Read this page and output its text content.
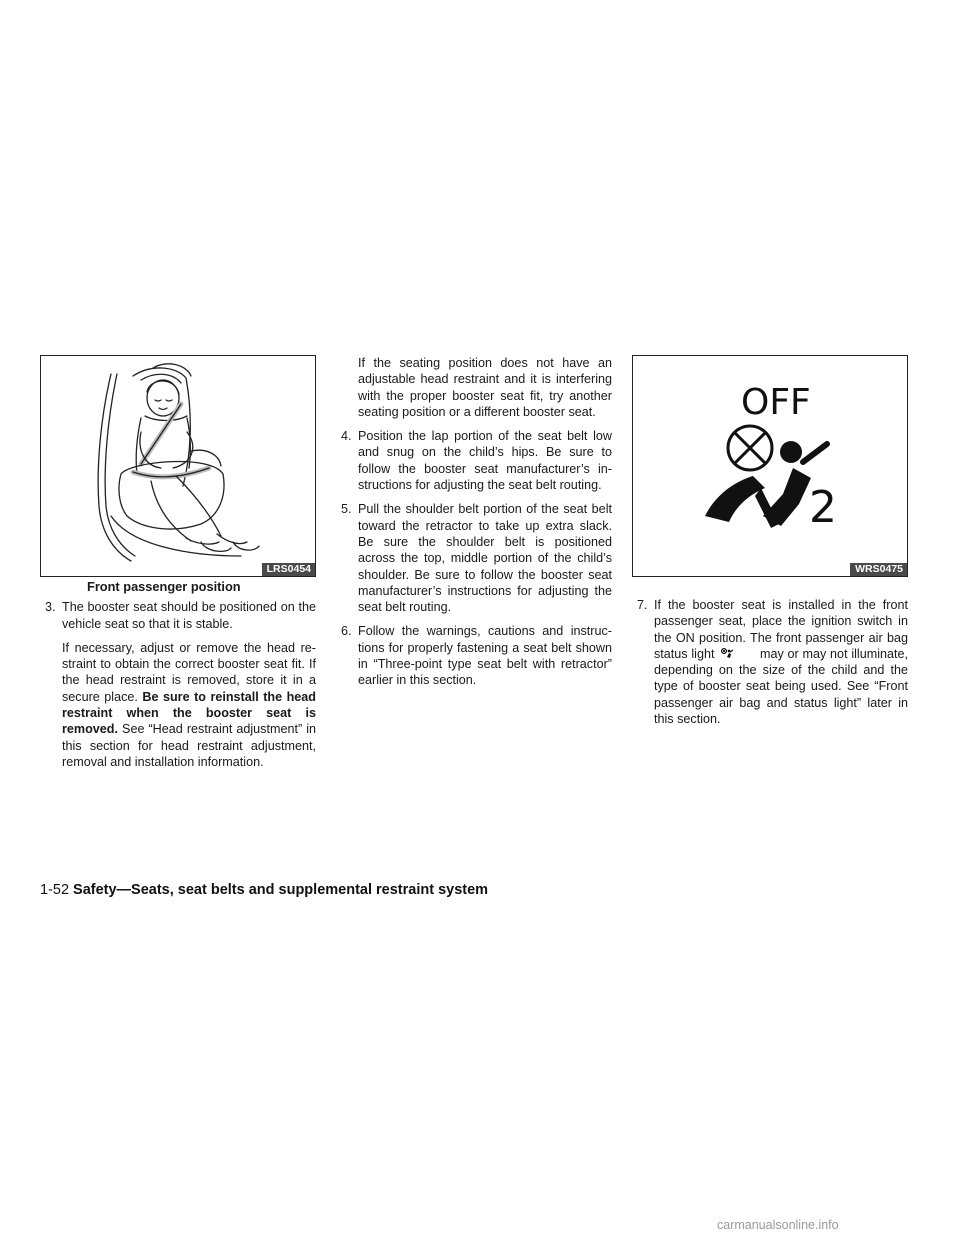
LRS0454
Front passenger position
3. The booster seat should be positioned on the vehicle seat so that it is stable.
If necessary, adjust or remove the head re-straint to obtain the correct booster seat fit. If the head restraint is removed, store it in a secure place. Be sure to reinstall the head restraint when the booster seat is removed. See “Head restraint adjustment” in this section for head restraint adjustment, removal and installation information.
If the seating position does not have an adjustable head restraint and it is interfering with the proper booster seat fit, try another seating position or a different booster seat.
4. Position the lap portion of the seat belt low and snug on the child’s hips. Be sure to follow the booster seat manufacturer’s in-structions for adjusting the seat belt routing.
5. Pull the shoulder belt portion of the seat belt toward the retractor to take up extra slack. Be sure the shoulder belt is positioned across the top, middle portion of the child’s shoulder. Be sure to follow the booster seat manufacturer’s instructions for adjusting the seat belt routing.
6. Follow the warnings, cautions and instruc-tions for properly fastening a seat belt shown in “Three-point type seat belt with retractor” earlier in this section.
OFF
2
WRS0475
7. If the booster seat is installed in the front passenger seat, place the ignition switch in the ON position. The front passenger air bag status light	may or may not illuminate, depending on the size of the child and the type of booster seat being used. See “Front passenger air bag and status light” later in this section.
1-52 Safety—Seats, seat belts and supplemental restraint system
carmanualsonline.info
